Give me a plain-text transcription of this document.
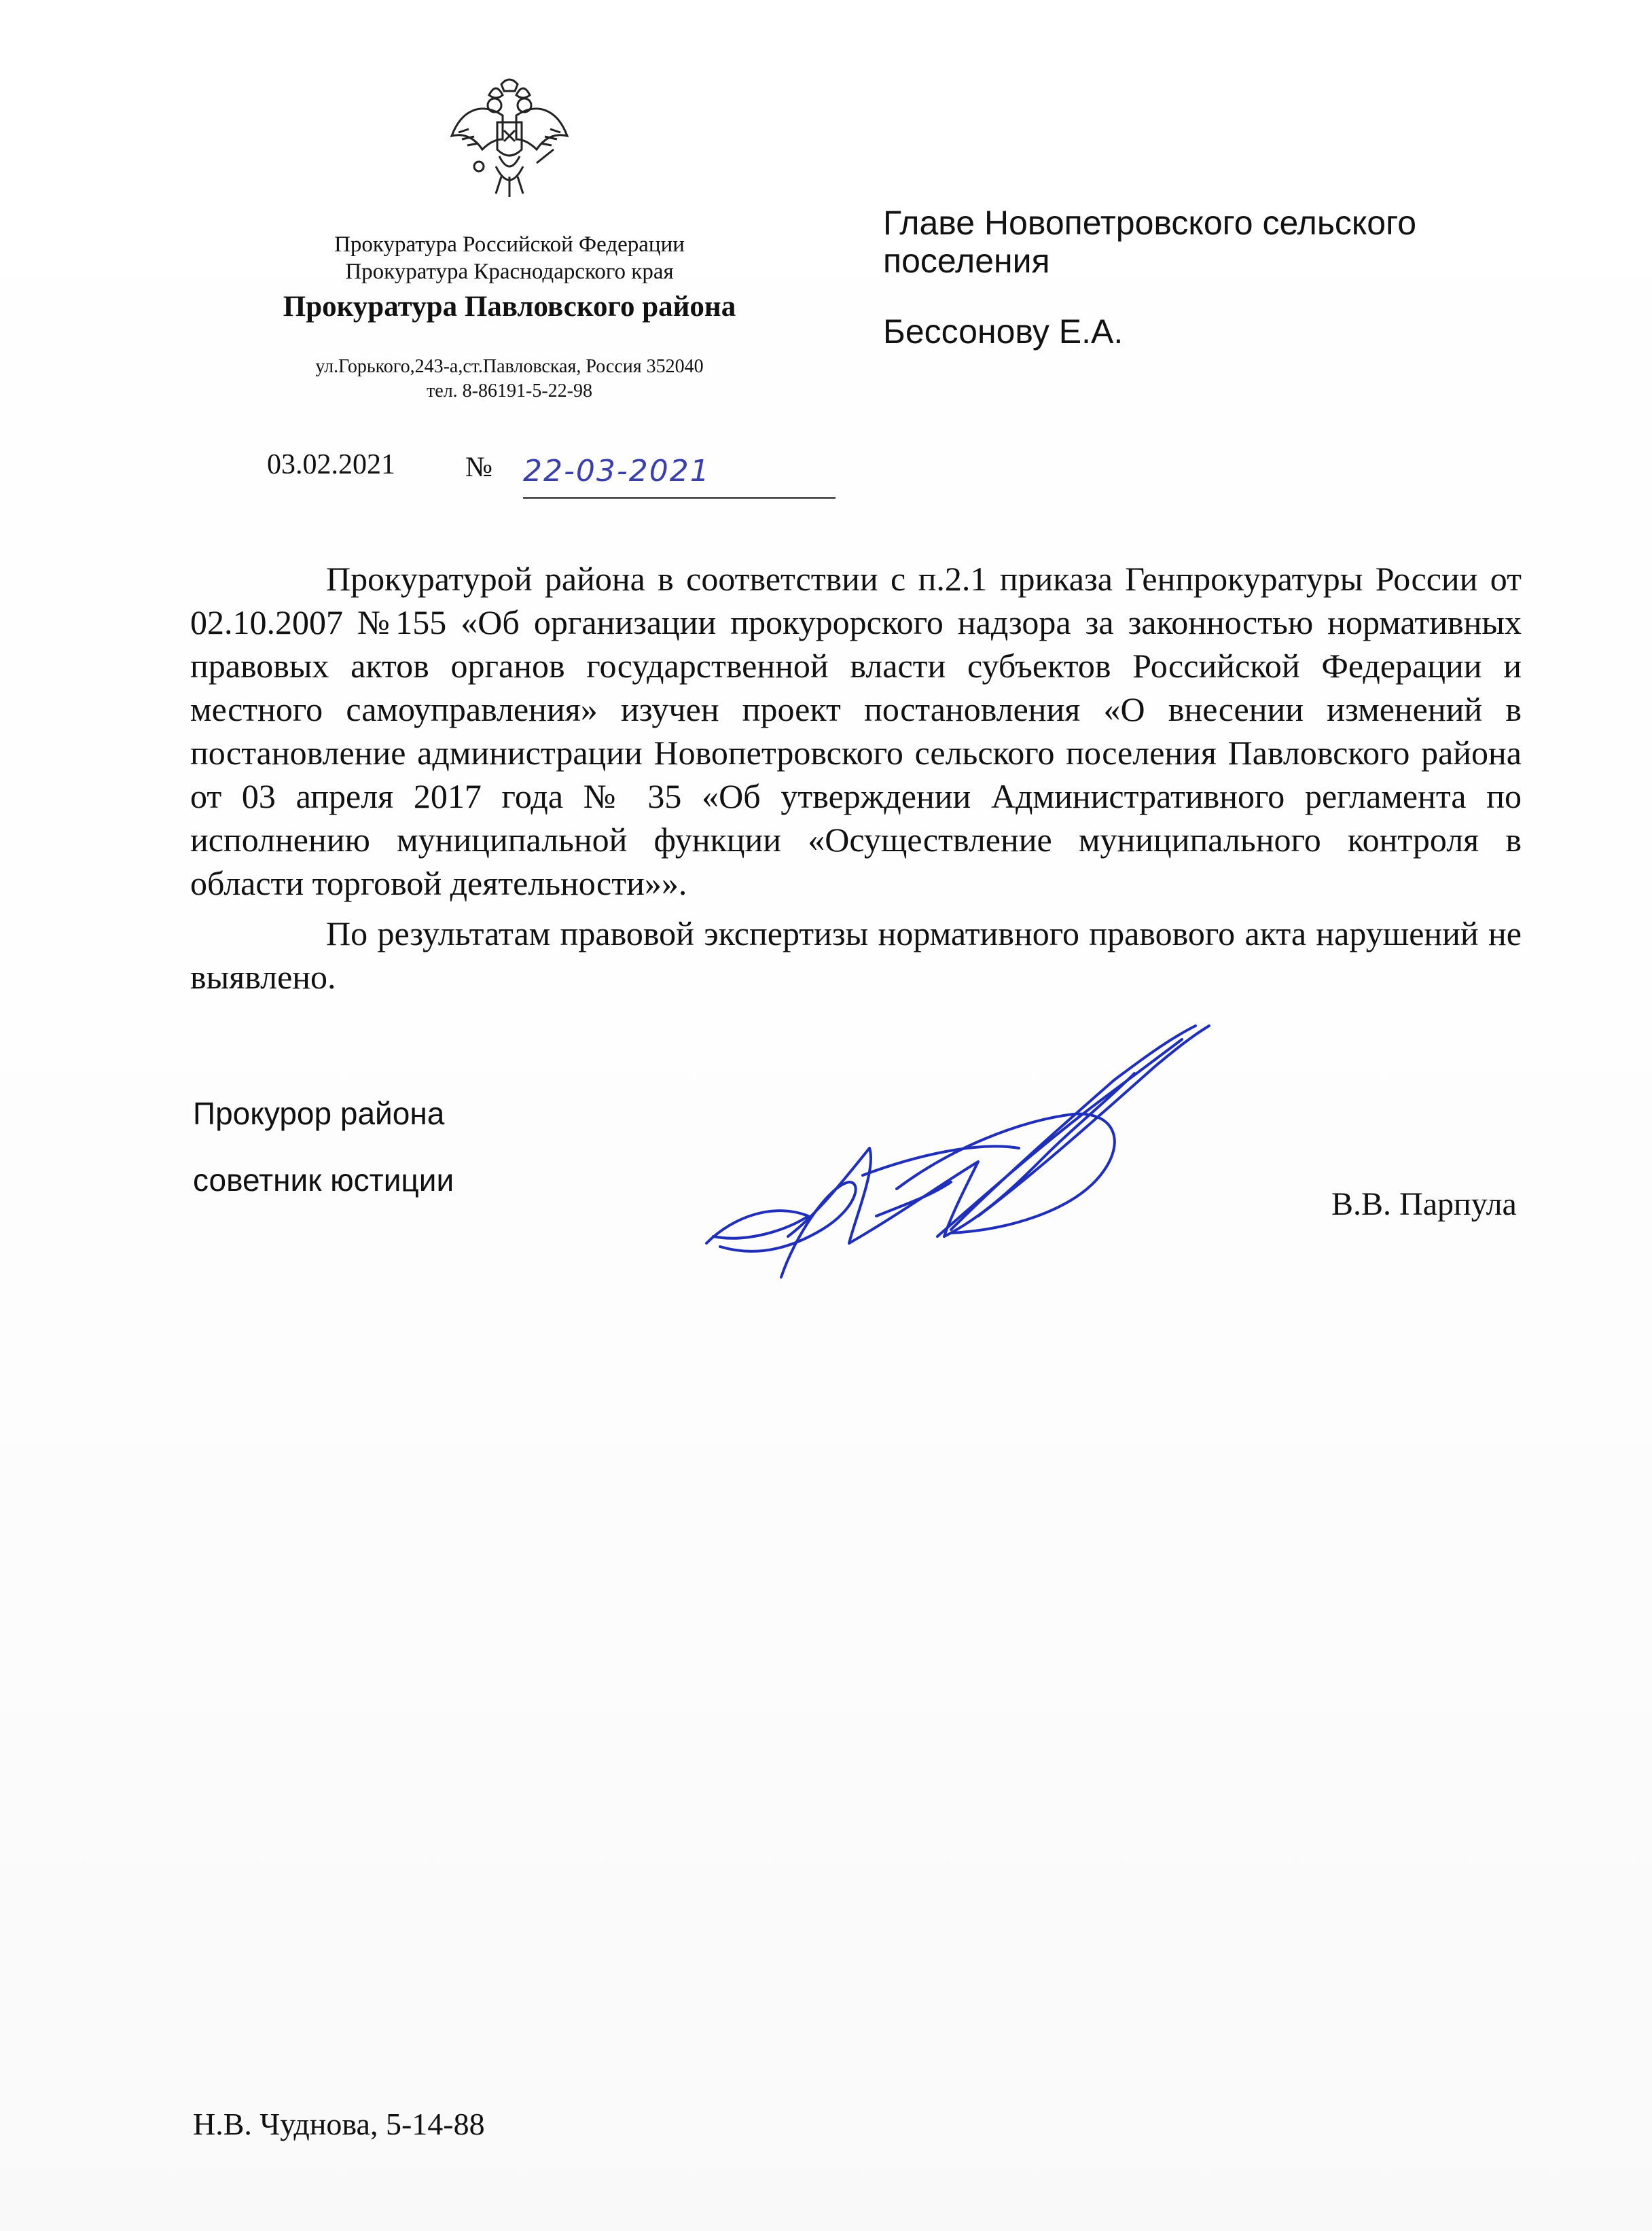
Прокуратура Российской Федерации
Прокуратура Краснодарского края
Прокуратура Павловского района
ул.Горького,243-а,ст.Павловская, Россия 352040
тел. 8-86191-5-22-98
Главе Новопетровского сельского
поселения
Бессонову Е.А.
03.02.2021 № 22-03-2021

Прокуратурой района в соответствии с п.2.1 приказа Генпрокуратуры России от 02.10.2007 №155 «Об организации прокурорского надзора за законностью нормативных правовых актов органов государственной власти субъектов Российской Федерации и местного самоуправления» изучен проект постановления «О внесении изменений в постановление администрации Новопетровского сельского поселения Павловского района от 03 апреля 2017 года № 35 «Об утверждении Административного регламента по исполнению муниципальной функции «Осуществление муниципального контроля в области торговой деятельности»».

По результатам правовой экспертизы нормативного правового акта нарушений не выявлено.

Прокурор района
советник юстиции
В.В. Парпула
Н.В. Чуднова, 5-14-88
